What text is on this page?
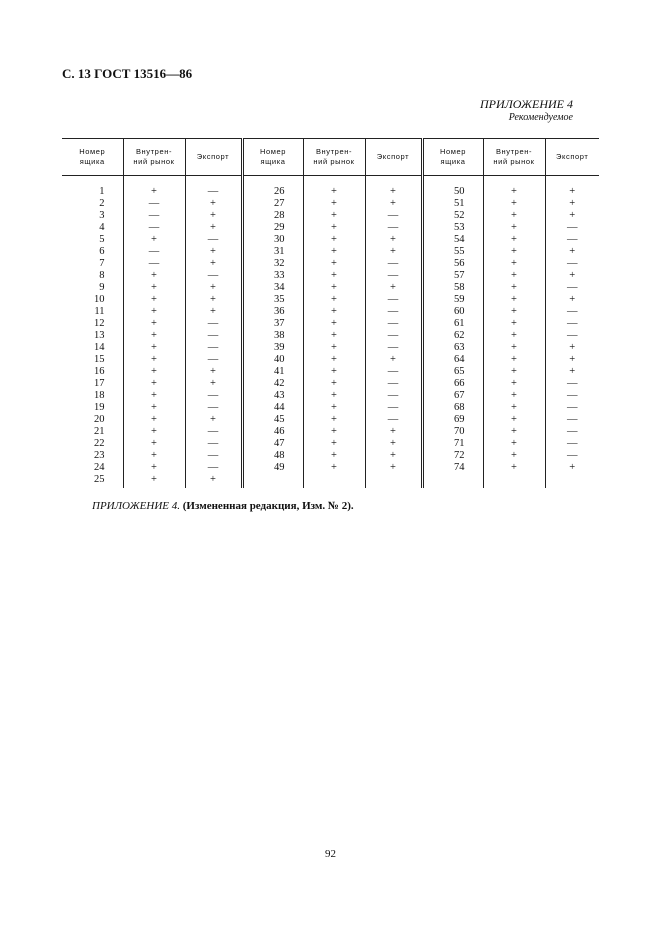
С. 13 ГОСТ 13516—86
ПРИЛОЖЕНИЕ 4
Рекомендуемое
Номер
ящика	Внутрен-
ний рынок	Экспорт	Номер
ящика	Внутрен-
ний рынок	Экспорт	Номер
ящика	Внутрен-
ний рынок	Экспорт
1	+	—	26	+	+	50	+	+
2	—	+	27	+	+	51	+	+
3	—	+	28	+	—	52	+	+
4	—	+	29	+	—	53	+	—
5	+	—	30	+	+	54	+	—
6	—	+	31	+	+	55	+	+
7	—	+	32	+	—	56	+	—
8	+	—	33	+	—	57	+	+
9	+	+	34	+	+	58	+	—
10	+	+	35	+	—	59	+	+
11	+	+	36	+	—	60	+	—
12	+	—	37	+	—	61	+	—
13	+	—	38	+	—	62	+	—
14	+	—	39	+	—	63	+	+
15	+	—	40	+	+	64	+	+
16	+	+	41	+	—	65	+	+
17	+	+	42	+	—	66	+	—
18	+	—	43	+	—	67	+	—
19	+	—	44	+	—	68	+	—
20	+	+	45	+	—	69	+	—
21	+	—	46	+	+	70	+	—
22	+	—	47	+	+	71	+	—
23	+	—	48	+	+	72	+	—
24	+	—	49	+	+	74	+	+
25	+	+						
ПРИЛОЖЕНИЕ 4. (Измененная редакция, Изм. № 2).
92
